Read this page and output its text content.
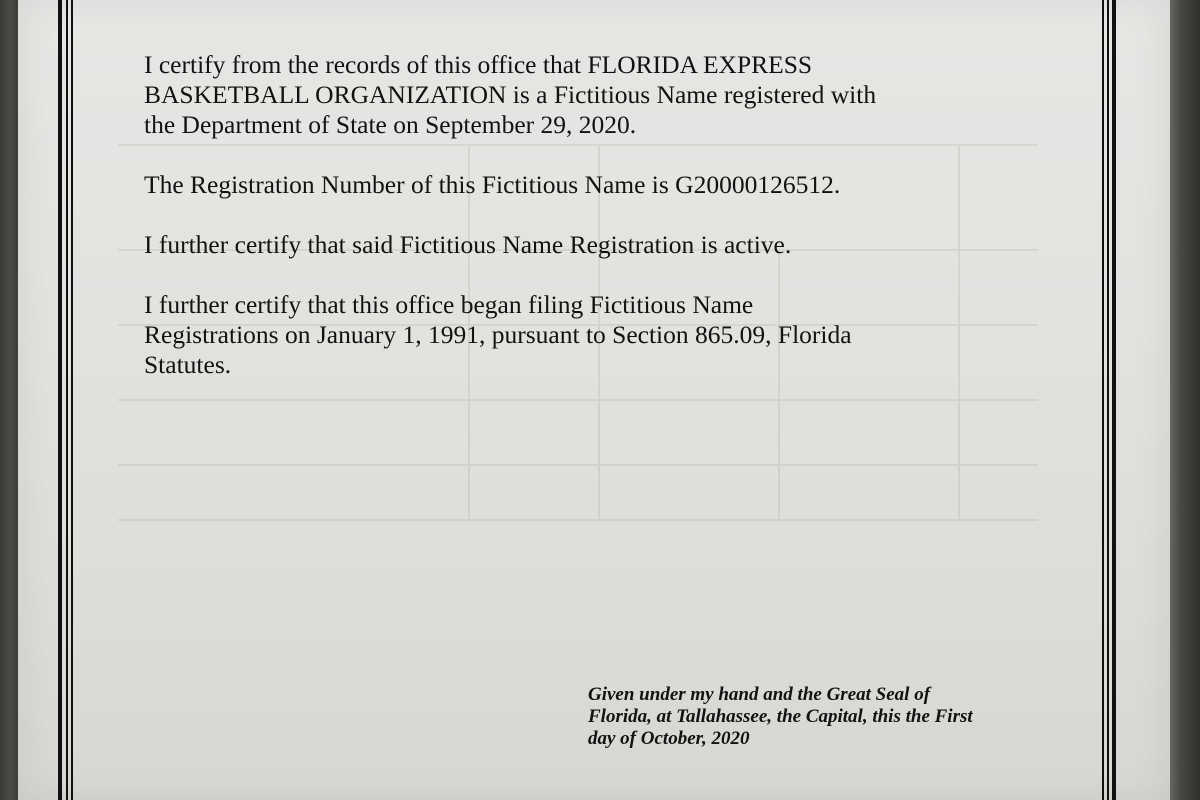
I certify from the records of this office that FLORIDA EXPRESS
BASKETBALL ORGANIZATION is a Fictitious Name registered with
the Department of State on September 29, 2020.

The Registration Number of this Fictitious Name is G20000126512.

I further certify that said Fictitious Name Registration is active.

I further certify that this office began filing Fictitious Name
Registrations on January 1, 1991, pursuant to Section 865.09, Florida
Statutes.

Given under my hand and the Great Seal of
Florida, at Tallahassee, the Capital, this the First
day of October, 2020
